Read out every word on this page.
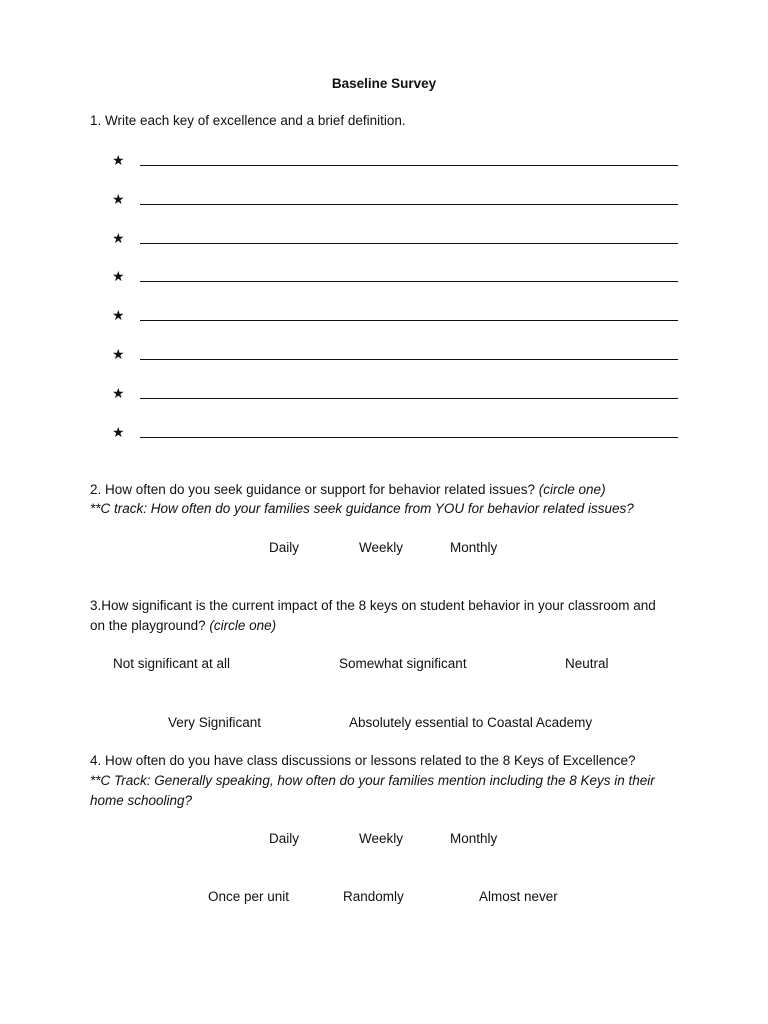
Baseline Survey
1. Write each key of excellence and a brief definition.
★
★
★
★
★
★
★
★
2. How often do you seek guidance or support for behavior related issues? (circle one)
**C track: How often do your families seek guidance from YOU for behavior related issues?
Daily	Weekly	Monthly
3.How significant is the current impact of the 8 keys on student behavior in your classroom and
on the playground? (circle one)
Not significant at all	Somewhat significant	Neutral
Very Significant	Absolutely essential to Coastal Academy
4. How often do you have class discussions or lessons related to the 8 Keys of Excellence?
**C Track: Generally speaking, how often do your families mention including the 8 Keys in their
home schooling?
Daily	Weekly	Monthly
Once per unit	Randomly	Almost never
